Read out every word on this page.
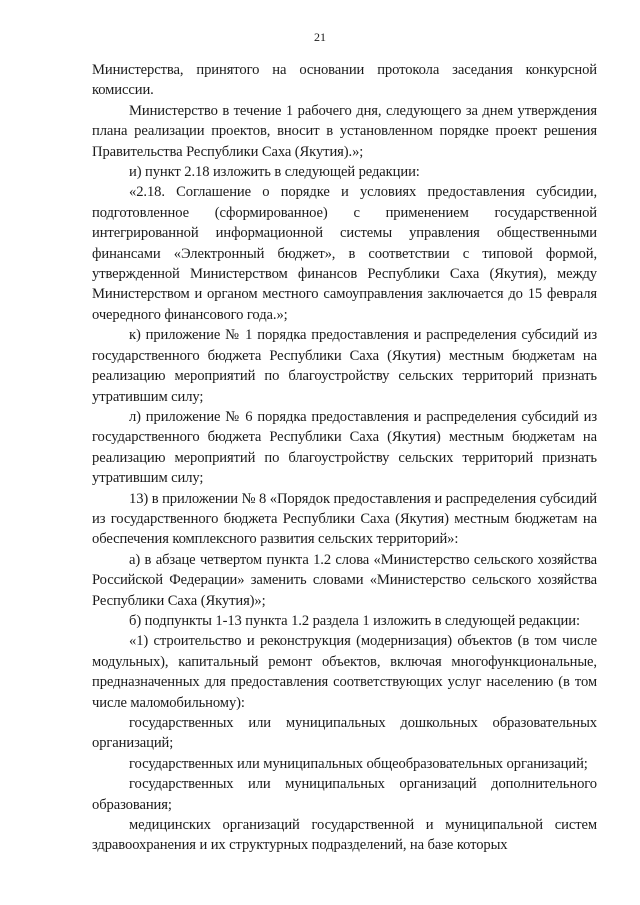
21

Министерства, принятого на основании протокола заседания конкурсной комиссии.

Министерство в течение 1 рабочего дня, следующего за днем утверждения плана реализации проектов, вносит в установленном порядке проект решения Правительства Республики Саха (Якутия).»;

и) пункт 2.18 изложить в следующей редакции:

«2.18. Соглашение о порядке и условиях предоставления субсидии, подготовленное (сформированное) с применением государственной интегрированной информационной системы управления общественными финансами «Электронный бюджет», в соответствии с типовой формой, утвержденной Министерством финансов Республики Саха (Якутия), между Министерством и органом местного самоуправления заключается до 15 февраля очередного финансового года.»;

к) приложение № 1 порядка предоставления и распределения субсидий из государственного бюджета Республики Саха (Якутия) местным бюджетам на реализацию мероприятий по благоустройству сельских территорий признать утратившим силу;

л) приложение № 6 порядка предоставления и распределения субсидий из государственного бюджета Республики Саха (Якутия) местным бюджетам на реализацию мероприятий по благоустройству сельских территорий признать утратившим силу;

13) в приложении № 8 «Порядок предоставления и распределения субсидий из государственного бюджета Республики Саха (Якутия) местным бюджетам на обеспечения комплексного развития сельских территорий»:

а) в абзаце четвертом пункта 1.2 слова «Министерство сельского хозяйства Российской Федерации» заменить словами «Министерство сельского хозяйства Республики Саха (Якутия)»;

б) подпункты 1-13 пункта 1.2 раздела 1 изложить в следующей редакции:

«1) строительство и реконструкция (модернизация) объектов (в том числе модульных), капитальный ремонт объектов, включая многофункциональные, предназначенных для предоставления соответствующих услуг населению (в том числе маломобильному):

государственных или муниципальных дошкольных образовательных организаций;

государственных или муниципальных общеобразовательных организаций;

государственных или муниципальных организаций дополнительного образования;

медицинских организаций государственной и муниципальной систем здравоохранения и их структурных подразделений, на базе которых
